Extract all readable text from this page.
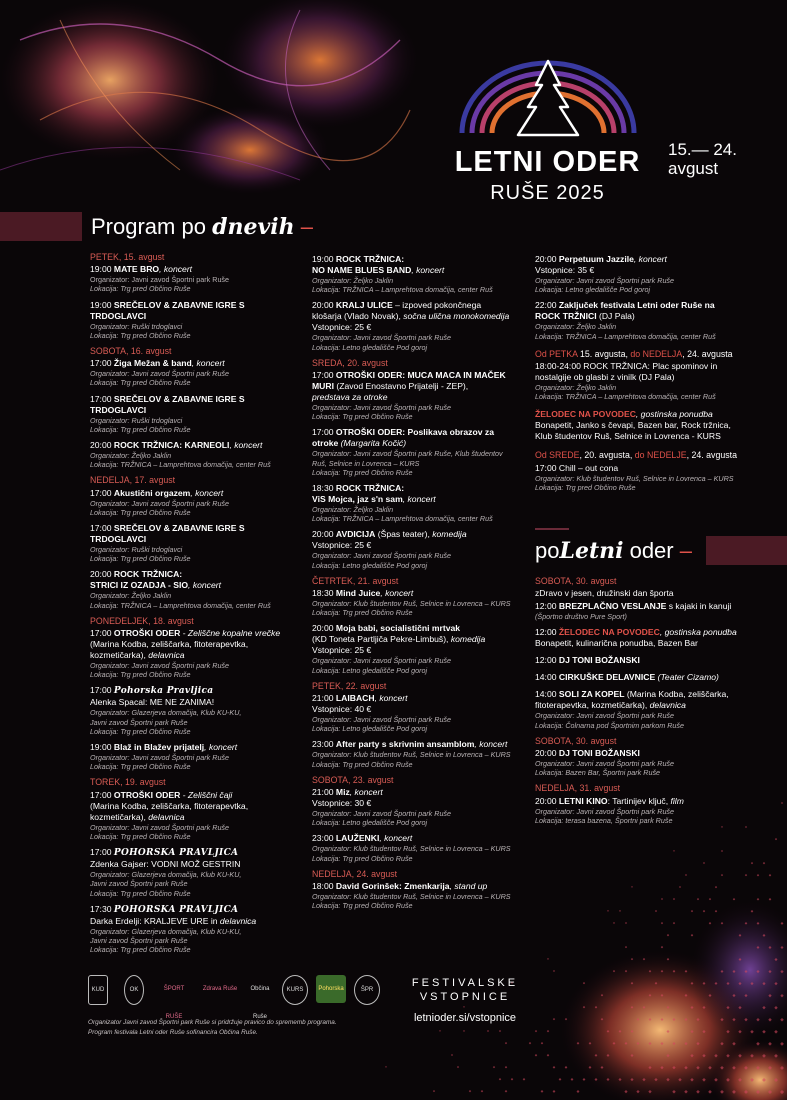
LETNI ODER
RUŠE 2025
15.— 24.
avgust
Program po dnevih –
PETEK, 15. avgust
19:00 MATE BRO, koncert
Organizator: Javni zavod Športni park Ruše
Lokacija: Trg pred Občino Ruše
19:00 SREČELOV & ZABAVNE IGRE S TRDOGLAVCI
Organizator: Ruški trdoglavci
Lokacija: Trg pred Občino Ruše
SOBOTA, 16. avgust
17:00 Žiga Mežan & band, koncert
Organizator: Javni zavod Športni park Ruše
Lokacija: Trg pred Občino Ruše
17:00 SREČELOV & ZABAVNE IGRE S TRDOGLAVCI
Organizator: Ruški trdoglavci
Lokacija: Trg pred Občino Ruše
20:00 ROCK TRŽNICA: KARNEOLI, koncert
Organizator: Željko Jaklin
Lokacija: TRŽNICA – Lamprehtova domačija, center Ruš
NEDELJA, 17. avgust
17:00 Akustični orgazem, koncert
Organizator: Javni zavod Športni park Ruše
Lokacija: Trg pred Občino Ruše
17:00 SREČELOV & ZABAVNE IGRE S TRDOGLAVCI
Organizator: Ruški trdoglavci
Lokacija: Trg pred Občino Ruše
20:00 ROCK TRŽNICA:
STRICI IZ OZADJA - SIO, koncert
Organizator: Željko Jaklin
Lokacija: TRŽNICA – Lamprehtova domačija, center Ruš
PONEDELJEK, 18. avgust
17:00 OTROŠKI ODER - Zeliščne kopalne vrečke
(Marina Kodba, zeliščarka, fitoterapevtka,
kozmetičarka), delavnica
Organizator: Javni zavod Športni park Ruše
Lokacija: Trg pred Občino Ruše
17:00 Pohorska Pravljica
Alenka Spacal: ME NE ZANIMA!
Organizator: Glazerjeva domačija, Klub KU-KU,
Javni zavod Športni park Ruše
Lokacija: Trg pred Občino Ruše
19:00 Blaž in Blažev prijatelj, koncert
Organizator: Javni zavod Športni park Ruše
Lokacija: Trg pred Občino Ruše
TOREK, 19. avgust
17:00 OTROŠKI ODER - Zeliščni čaji
(Marina Kodba, zeliščarka, fitoterapevtka,
kozmetičarka), delavnica
Organizator: Javni zavod Športni park Ruše
Lokacija: Trg pred Občino Ruše
17:00 POHORSKA PRAVLJICA
Zdenka Gajser: VODNI MOŽ GESTRIN
Organizator: Glazerjeva domačija, Klub KU-KU,
Javni zavod Športni park Ruše
Lokacija: Trg pred Občino Ruše
17:30 POHORSKA PRAVLJICA
Darka Erdelji: KRALJEVE URE in delavnica
Organizator: Glazerjeva domačija, Klub KU-KU,
Javni zavod Športni park Ruše
Lokacija: Trg pred Občino Ruše
19:00 ROCK TRŽNICA:
NO NAME BLUES BAND, koncert
Organizator: Željko Jaklin
Lokacija: TRŽNICA – Lamprehtova domačija, center Ruš
20:00 KRALJ ULICE – izpoved pokončnega
klošarja (Vlado Novak), sočna ulična monokomedija
Vstopnice: 25 €
Organizator: Javni zavod Športni park Ruše
Lokacija: Letno gledališče Pod gorој
SREDA, 20. avgust
17:00 OTROŠKI ODER: MUCA MACA IN MAČEK
MURI (Zavod Enostavno Prijatelji - ZEP),
predstava za otroke
Organizator: Javni zavod Športni park Ruše
Lokacija: Trg pred Občino Ruše
17:00 OTROŠKI ODER: Poslikava obrazov za
otroke (Margarita Kočić)
Organizator: Javni zavod Športni park Ruše, Klub študentov
Ruš, Selnice in Lovrenca – KURS
Lokacija: Trg pred Občino Ruše
18:30 ROCK TRŽNICA:
ViS Mojca, jaz s'n sam, koncert
Organizator: Željko Jaklin
Lokacija: TRŽNICA – Lamprehtova domačija, center Ruš
20:00 AVDICIJA (Špas teater), komedija
Vstopnice: 25 €
Organizator: Javni zavod Športni park Ruše
Lokacija: Letno gledališče Pod gorој
ČETRTEK, 21. avgust
18:30 Mind Juice, koncert
Organizator: Klub študentov Ruš, Selnice in Lovrenca – KURS
Lokacija: Trg pred Občino Ruše
20:00 Moja babi, socialistični mrtvak
(KD Toneta Partljiča Pekre-Limbuš), komedija
Vstopnice: 25 €
Organizator: Javni zavod Športni park Ruše
Lokacija: Letno gledališče Pod gorој
PETEK, 22. avgust
21:00 LAIBACH, koncert
Vstopnice: 40 €
Organizator: Javni zavod Športni park Ruše
Lokacija: Letno gledališče Pod gorој
23:00 After party s skrivnim ansamblom, koncert
Organizator: Klub študentov Ruš, Selnice in Lovrenca – KURS
Lokacija: Trg pred Občino Ruše
SOBOTA, 23. avgust
21:00 Miz, koncert
Vstopnice: 30 €
Organizator: Javni zavod Športni park Ruše
Lokacija: Letno gledališče Pod gorој
23:00 LAUŽENKI, koncert
Organizator: Klub študentov Ruš, Selnice in Lovrenca – KURS
Lokacija: Trg pred Občino Ruše
NEDELJA, 24. avgust
18:00 David Gorinšek: Zmenkarija, stand up
Organizator: Klub študentov Ruš, Selnice in Lovrenca – KURS
Lokacija: Trg pred Občino Ruše
20:00 Perpetuum Jazzile, koncert
Vstopnice: 35 €
Organizator: Javni zavod Športni park Ruše
Lokacija: Letno gledališče Pod gorој
22:00 Zaključek festivala Letni oder Ruše na
ROCK TRŽNICI (DJ Pala)
Organizator: Željko Jaklin
Lokacija: TRŽNICA – Lamprehtova domačija, center Ruš
Od PETKA 15. avgusta, do NEDELJA, 24. avgusta
18:00-24:00 ROCK TRŽNICA: Plac spominov in
nostalgije ob glasbi z vinilk (DJ Pala)
Organizator: Željko Jaklin
Lokacija: TRŽNICA – Lamprehtova domačija, center Ruš
ŽELODEC NA POVODEC, gostinska ponudba
Bonapetit, Janko s čevapi, Bazen bar, Rock tržnica,
Klub študentov Ruš, Selnice in Lovrenca - KURS
Od SREDE, 20. avgusta, do NEDELJE, 24. avgusta
17:00 Chill – out cona
Organizator: Klub študentov Ruš, Selnice in Lovrenca – KURS
Lokacija: Trg pred Občino Ruše
poLetni oder –
SOBOTA, 30. avgust
zDravo v jesen, družinski dan športa
12:00 BREZPLAČNO VESLANJE s kajaki in kanuji
(Športno društvo Pure Sport)
12:00 ŽELODEC NA POVODEC, gostinska ponudba
Bonapetit, kulinarična ponudba, Bazen Bar
12:00 DJ TONI BOŽANSKI
14:00 CIRKUŠKE DELAVNICE (Teater Cizamo)
14:00 SOLI ZA KOPEL (Marina Kodba, zeliščarka,
fitoterapevtka, kozmetičarka), delavnica
Organizator: Javni zavod Športni park Ruše
Lokacija: Čolnarna pod Športnim parkom Ruše
SOBOTA, 30. avgust
20:00 DJ TONI BOŽANSKI
Organizator: Javni zavod Športni park Ruše
Lokacija: Bazen Bar, Športni park Ruše
NEDELJA, 31. avgust
20:00 LETNI KINO: Tartinijev ključ, film
Organizator: Javni zavod Športni park Ruše
Lokacija: terasa bazena, Športni park Ruše
KUD	OK	ŠPORT RUŠE
Zdrava Ruše	Občina Ruše
KURS	Pohorska	ŠPR
Organizator Javni zavod Športni park Ruše si pridržuje pravico do sprememb programa.
Program festivala Letni oder Ruše sofinancira Občina Ruše.
FESTIVALSKE
VSTOPNICE
letnioder.si/vstopnice
